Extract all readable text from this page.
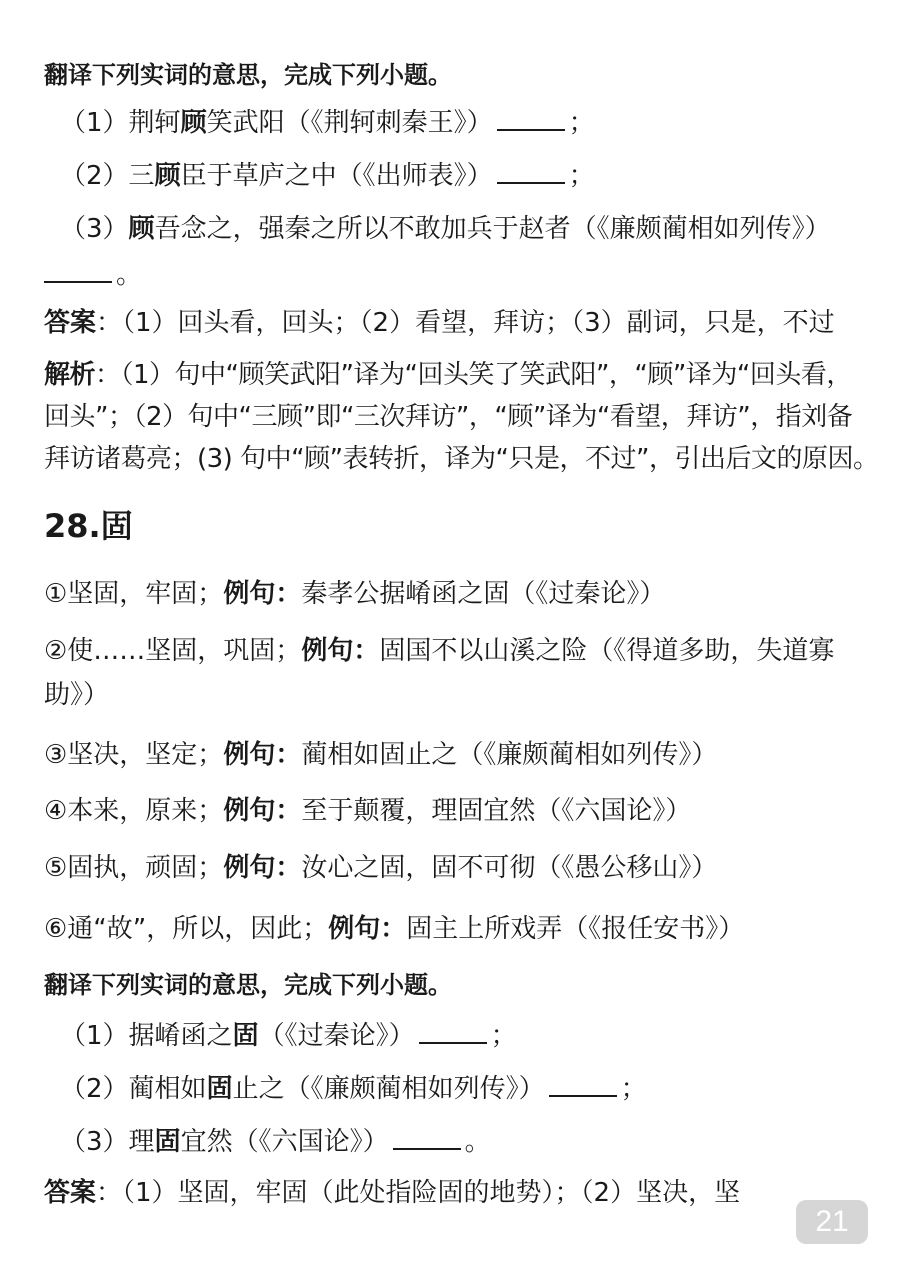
翻译下列实词的意思，完成下列小题。
（1）荆轲顾笑武阳（《荆轲刺秦王》）	；
（2）三顾臣于草庐之中（《出师表》）	；
（3）顾吾念之，强秦之所以不敢加兵于赵者（《廉颇蔺相如列传》）
。
答案：（1）回头看，回头；（2）看望，拜访；（3）副词，只是，不过
解析：（1）句中“顾笑武阳”译为“回头笑了笑武阳”，“顾”译为“回头看，
回头”；（2）句中“三顾”即“三次拜访”，“顾”译为“看望，拜访”，指刘备
拜访诸葛亮；(3) 句中“顾”表转折，译为“只是，不过”，引出后文的原因。
28.固
①坚固，牢固；例句：秦孝公据崤函之固（《过秦论》）
②使……坚固，巩固；例句：固国不以山溪之险（《得道多助，失道寡
助》）
③坚决，坚定；例句：蔺相如固止之（《廉颇蔺相如列传》）
④本来，原来；例句：至于颠覆，理固宜然（《六国论》）
⑤固执，顽固；例句：汝心之固，固不可彻（《愚公移山》）
⑥通“故”，所以，因此；例句：固主上所戏弄（《报任安书》）
翻译下列实词的意思，完成下列小题。
（1）据崤函之固（《过秦论》）	；
（2）蔺相如固止之（《廉颇蔺相如列传》）	；
（3）理固宜然（《六国论》）	。
答案：（1）坚固，牢固（此处指险固的地势）；（2）坚决，坚
21
